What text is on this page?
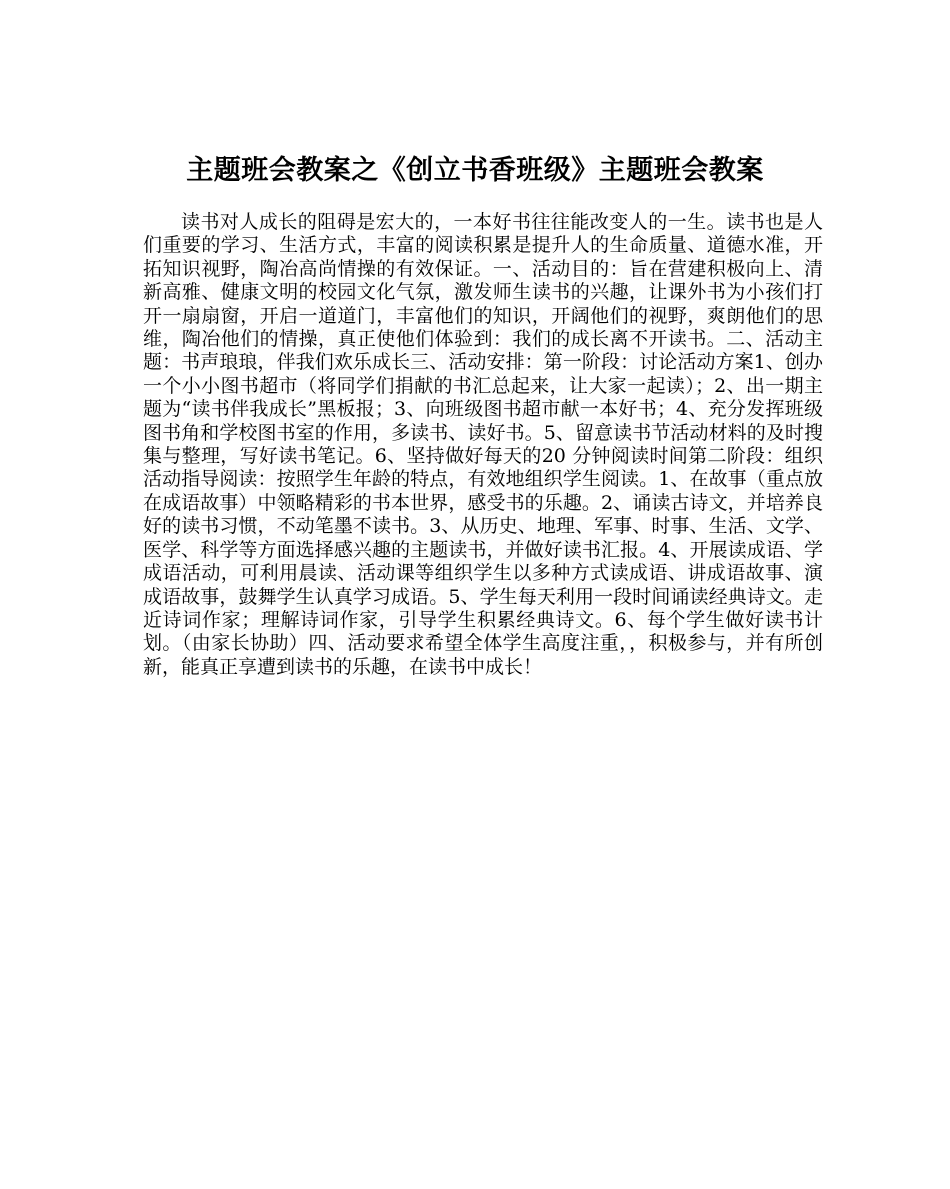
主题班会教案之《创立书香班级》主题班会教案

读书对人成长的阻碍是宏大的，一本好书往往能改变人的一生。读书也是人们重要的学习、生活方式，丰富的阅读积累是提升人的生命质量、道德水准，开拓知识视野，陶冶高尚情操的有效保证。一、活动目的：旨在营建积极向上、清新高雅、健康文明的校园文化气氛，激发师生读书的兴趣，让课外书为小孩们打开一扇扇窗，开启一道道门，丰富他们的知识，开阔他们的视野，爽朗他们的思维，陶冶他们的情操，真正使他们体验到：我们的成长离不开读书。二、活动主题：书声琅琅，伴我们欢乐成长三、活动安排：第一阶段：讨论活动方案1、创办一个小小图书超市（将同学们捐献的书汇总起来，让大家一起读）；2、出一期主题为“读书伴我成长”黑板报；3、向班级图书超市献一本好书；4、充分发挥班级图书角和学校图书室的作用，多读书、读好书。5、留意读书节活动材料的及时搜集与整理，写好读书笔记。6、坚持做好每天的20 分钟阅读时间第二阶段：组织活动指导阅读：按照学生年龄的特点，有效地组织学生阅读。1、在故事（重点放在成语故事）中领略精彩的书本世界，感受书的乐趣。2、诵读古诗文，并培养良好的读书习惯，不动笔墨不读书。3、从历史、地理、军事、时事、生活、文学、医学、科学等方面选择感兴趣的主题读书，并做好读书汇报。4、开展读成语、学成语活动，可利用晨读、活动课等组织学生以多种方式读成语、讲成语故事、演成语故事，鼓舞学生认真学习成语。5、学生每天利用一段时间诵读经典诗文。走近诗词作家；理解诗词作家，引导学生积累经典诗文。6、每个学生做好读书计划。（由家长协助）四、活动要求希望全体学生高度注重，，积极参与，并有所创新，能真正享遭到读书的乐趣，在读书中成长！
